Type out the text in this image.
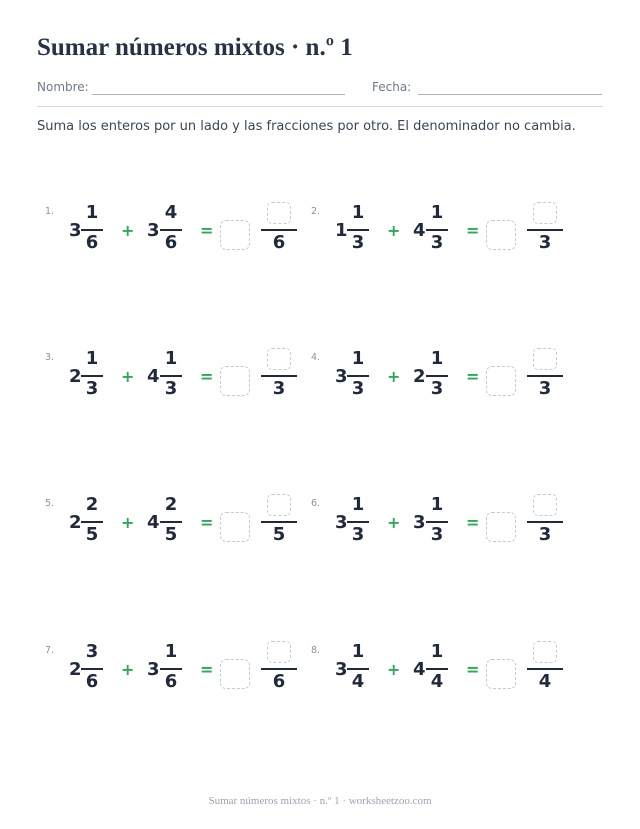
Sumar números mixtos · n.º 1
Nombre:	Fecha:
Suma los enteros por un lado y las fracciones por otro. El denominador no cambia.
1.
3
1
6
+ 3
4
6
=
6
2.
1
1
3
+ 4
1
3
=
3
3.
2
1
3
+ 4
1
3
=
3
4.
3
1
3
+ 2
1
3
=
3
5.
2
2
5
+ 4
2
5
=
5
6.
3
1
3
+ 3
1
3
=
3
7.
2
3
6
+ 3
1
6
=
6
8.
3
1
4
+ 4
1
4
=
4
Sumar números mixtos · n.º 1 · worksheetzoo.com
